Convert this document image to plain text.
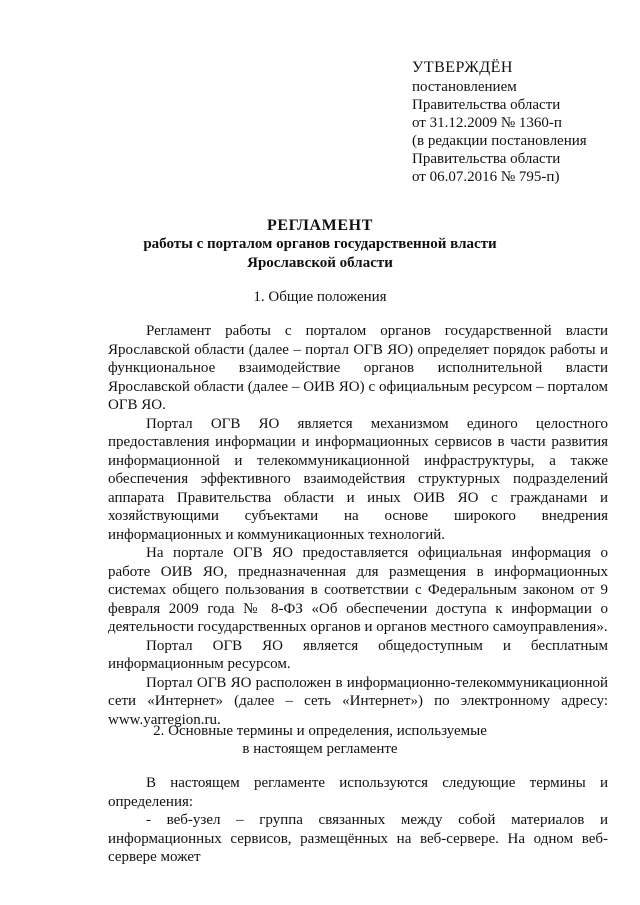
УТВЕРЖДЁН
постановлением
Правительства области
от 31.12.2009 № 1360-п
(в редакции постановления
Правительства области
от 06.07.2016 № 795-п)
РЕГЛАМЕНТ
работы с порталом органов государственной власти
Ярославской области
1. Общие положения

Регламент работы с порталом органов государственной власти Ярославской области (далее – портал ОГВ ЯО) определяет порядок работы и функциональное взаимодействие органов исполнительной власти Ярославской области (далее – ОИВ ЯО) с официальным ресурсом – порталом ОГВ ЯО.

Портал ОГВ ЯО является механизмом единого целостного предоставления информации и информационных сервисов в части развития информационной и телекоммуникационной инфраструктуры, а также обеспечения эффективного взаимодействия структурных подразделений аппарата Правительства области и иных ОИВ ЯО с гражданами и хозяйствующими субъектами на основе широкого внедрения информационных и коммуникационных технологий.

На портале ОГВ ЯО предоставляется официальная информация о работе ОИВ ЯО, предназначенная для размещения в информационных системах общего пользования в соответствии с Федеральным законом от 9 февраля 2009 года № 8-ФЗ «Об обеспечении доступа к информации о деятельности государственных органов и органов местного самоуправления».

Портал ОГВ ЯО является общедоступным и бесплатным информационным ресурсом.

Портал ОГВ ЯО расположен в информационно-телекоммуникационной сети «Интернет» (далее – сеть «Интернет») по электронному адресу: www.yarregion.ru.

2. Основные термины и определения, используемые
в настоящем регламенте

В настоящем регламенте используются следующие термины и определения:

- веб-узел – группа связанных между собой материалов и информационных сервисов, размещённых на веб-сервере. На одном веб-сервере может
